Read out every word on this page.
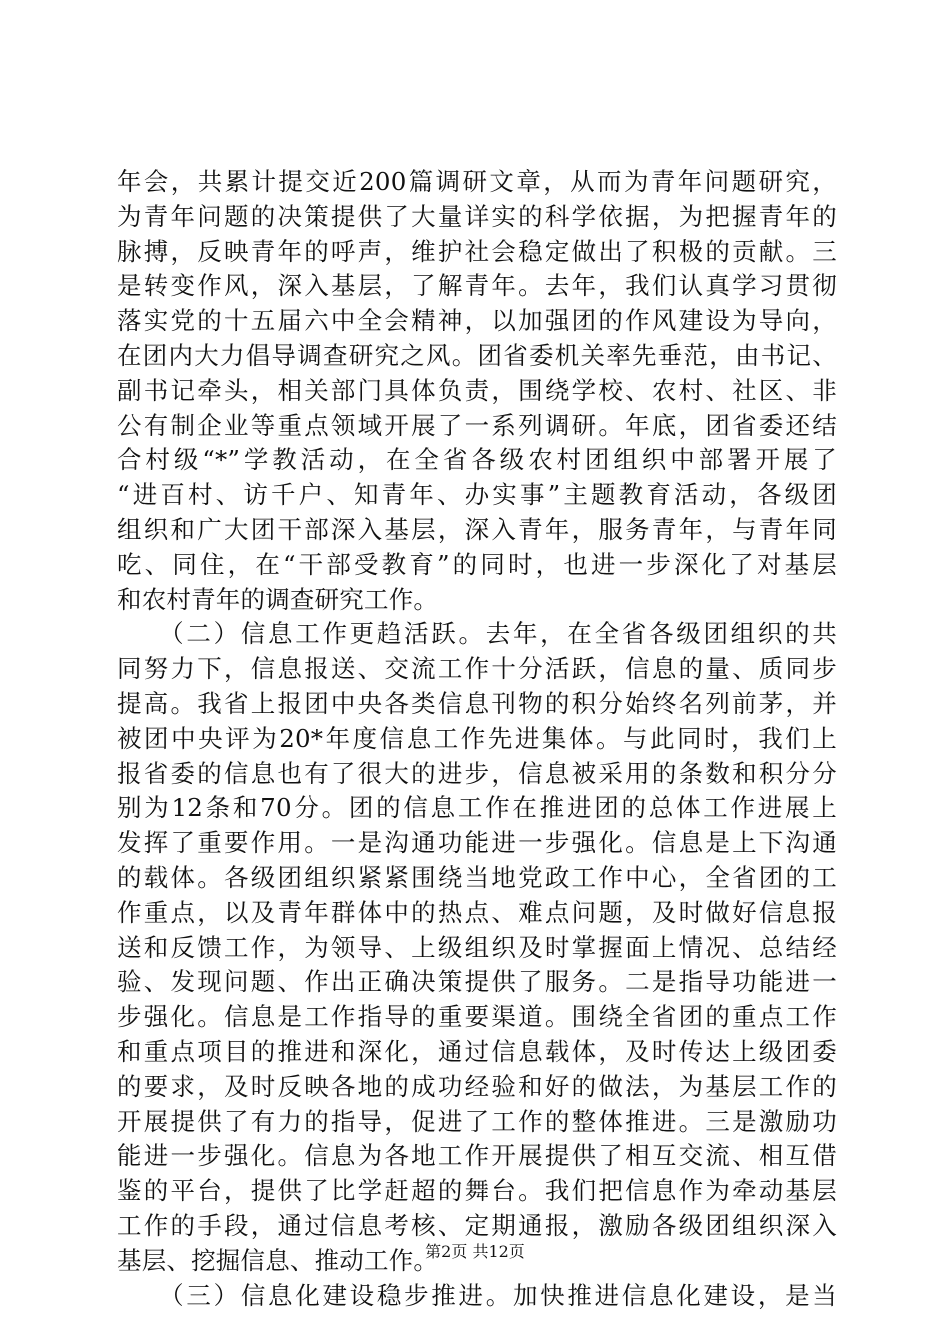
年会，共累计提交近200篇调研文章，从而为青年问题研究，
为青年问题的决策提供了大量详实的科学依据，为把握青年的
脉搏，反映青年的呼声，维护社会稳定做出了积极的贡献。三
是转变作风，深入基层，了解青年。去年，我们认真学习贯彻
落实党的十五届六中全会精神，以加强团的作风建设为导向，
在团内大力倡导调查研究之风。团省委机关率先垂范，由书记、
副书记牵头，相关部门具体负责，围绕学校、农村、社区、非
公有制企业等重点领域开展了一系列调研。年底，团省委还结
合村级“*”学教活动，在全省各级农村团组织中部署开展了
“进百村、访千户、知青年、办实事”主题教育活动，各级团
组织和广大团干部深入基层，深入青年，服务青年，与青年同
吃、同住，在“干部受教育”的同时，也进一步深化了对基层
和农村青年的调查研究工作。
　　（二）信息工作更趋活跃。去年，在全省各级团组织的共
同努力下，信息报送、交流工作十分活跃，信息的量、质同步
提高。我省上报团中央各类信息刊物的积分始终名列前茅，并
被团中央评为20*年度信息工作先进集体。与此同时，我们上
报省委的信息也有了很大的进步，信息被采用的条数和积分分
别为12条和70分。团的信息工作在推进团的总体工作进展上
发挥了重要作用。一是沟通功能进一步强化。信息是上下沟通
的载体。各级团组织紧紧围绕当地党政工作中心，全省团的工
作重点，以及青年群体中的热点、难点问题，及时做好信息报
送和反馈工作，为领导、上级组织及时掌握面上情况、总结经
验、发现问题、作出正确决策提供了服务。二是指导功能进一
步强化。信息是工作指导的重要渠道。围绕全省团的重点工作
和重点项目的推进和深化，通过信息载体，及时传达上级团委
的要求，及时反映各地的成功经验和好的做法，为基层工作的
开展提供了有力的指导，促进了工作的整体推进。三是激励功
能进一步强化。信息为各地工作开展提供了相互交流、相互借
鉴的平台，提供了比学赶超的舞台。我们把信息作为牵动基层
工作的手段，通过信息考核、定期通报，激励各级团组织深入
基层、挖掘信息、推动工作。
　　（三）信息化建设稳步推进。加快推进信息化建设，是当
第2页 共12页
